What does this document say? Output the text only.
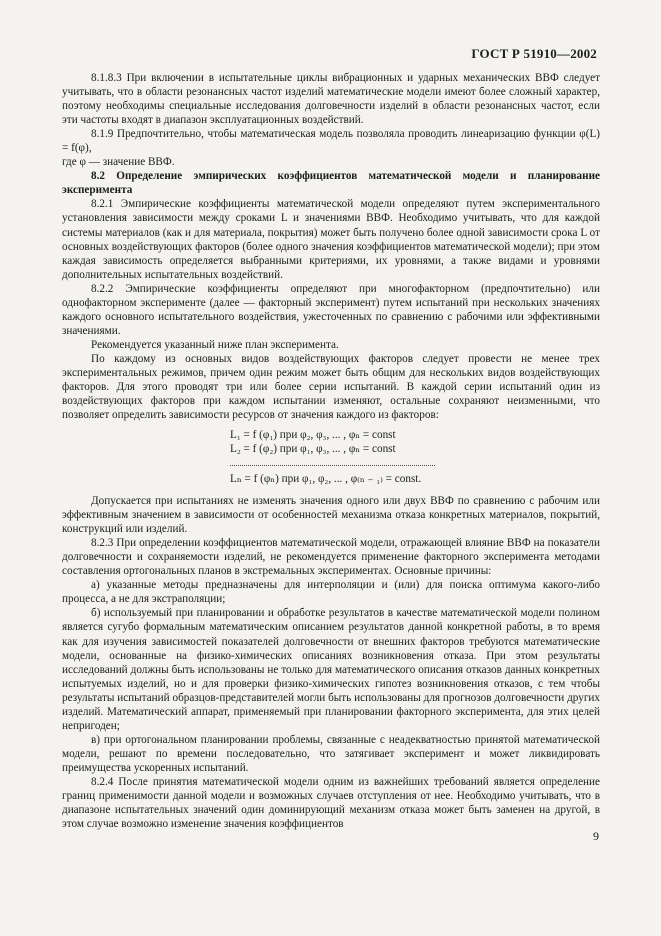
ГОСТ Р 51910—2002

8.1.8.3 При включении в испытательные циклы вибрационных и ударных механических ВВФ следует учитывать, что в области резонансных частот изделий математические модели имеют более сложный характер, поэтому необходимы специальные исследования долговечности изделий в области резонансных частот, если эти частоты входят в диапазон эксплуатационных воздействий.

8.1.9 Предпочтительно, чтобы математическая модель позволяла проводить линеаризацию функции φ(L) = f(φ),

где φ — значение ВВФ.

8.2 Определение эмпирических коэффициентов математической модели и планирование эксперимента

8.2.1 Эмпирические коэффициенты математической модели определяют путем экспериментального установления зависимости между сроками L и значениями ВВФ. Необходимо учитывать, что для каждой системы материалов (как и для материала, покрытия) может быть получено более одной зависимости срока L от основных воздействующих факторов (более одного значения коэффициентов математической модели); при этом каждая зависимость определяется выбранными критериями, их уровнями, а также видами и уровнями дополнительных испытательных воздействий.

8.2.2 Эмпирические коэффициенты определяют при многофакторном (предпочтительно) или однофакторном эксперименте (далее — факторный эксперимент) путем испытаний при нескольких значениях каждого основного испытательного воздействия, ужесточенных по сравнению с рабочими или эффективными значениями.

Рекомендуется указанный ниже план эксперимента.

По каждому из основных видов воздействующих факторов следует провести не менее трех экспериментальных режимов, причем один режим может быть общим для нескольких видов воздействующих факторов. Для этого проводят три или более серии испытаний. В каждой серии испытаний один из воздействующих факторов при каждом испытании изменяют, остальные сохраняют неизменными, что позволяет определить зависимости ресурсов от значения каждого из факторов:

L₁ = f (φ₁) при φ₂, φ₃, ... , φₙ = const
L₂ = f (φ₂) при φ₁, φ₃, ... , φₙ = const
Lₙ = f (φₙ) при φ₁, φ₂, ... , φ₍ₙ ₋ ₁₎ = const.

Допускается при испытаниях не изменять значения одного или двух ВВФ по сравнению с рабочим или эффективным значением в зависимости от особенностей механизма отказа конкретных материалов, покрытий, конструкций или изделий.

8.2.3 При определении коэффициентов математической модели, отражающей влияние ВВФ на показатели долговечности и сохраняемости изделий, не рекомендуется применение факторного эксперимента методами составления ортогональных планов в экстремальных экспериментах. Основные причины:

а) указанные методы предназначены для интерполяции и (или) для поиска оптимума какого-либо процесса, а не для экстраполяции;

б) используемый при планировании и обработке результатов в качестве математической модели полином является сугубо формальным математическим описанием результатов данной конкретной работы, в то время как для изучения зависимостей показателей долговечности от внешних факторов требуются математические модели, основанные на физико-химических описаниях возникновения отказа. При этом результаты исследований должны быть использованы не только для математического описания отказов данных конкретных испытуемых изделий, но и для проверки физико-химических гипотез возникновения отказов, с тем чтобы результаты испытаний образцов-представителей могли быть использованы для прогнозов долговечности других изделий. Математический аппарат, применяемый при планировании факторного эксперимента, для этих целей непригоден;

в) при ортогональном планировании проблемы, связанные с неадекватностью принятой математической модели, решают по времени последовательно, что затягивает эксперимент и может ликвидировать преимущества ускоренных испытаний.

8.2.4 После принятия математической модели одним из важнейших требований является определение границ применимости данной модели и возможных случаев отступления от нее. Необходимо учитывать, что в диапазоне испытательных значений один доминирующий механизм отказа может быть заменен на другой, в этом случае возможно изменение значения коэффициентов

9
